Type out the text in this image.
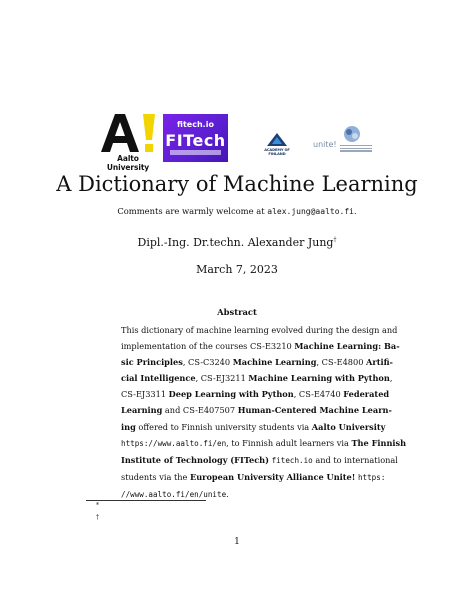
Aalto University
fitech.io
FITech	ACADEMY OF FINLAND
unite!
A Dictionary of Machine Learning
Comments are warmly welcome at alex.jung@aalto.fi.
Dipl.-Ing. Dr.techn. Alexander Jung†
March 7, 2023
Abstract
This dictionary of machine learning evolved during the design and
implementation of the courses CS-E3210 Machine Learning: Ba-
sic Principles, CS-C3240 Machine Learning, CS-E4800 Artifi-
cial Intelligence, CS-EJ3211 Machine Learning with Python,
CS-EJ3311 Deep Learning with Python, CS-E4740 Federated
Learning and CS-E407507 Human-Centered Machine Learn-
ing offered to Finnish university students via Aalto University
https://www.aalto.fi/en, to Finnish adult learners via The Finnish
Institute of Technology (FITech) fitech.io and to international
students via the European University Alliance Unite! https:
//www.aalto.fi/en/unite.
*
†
1
